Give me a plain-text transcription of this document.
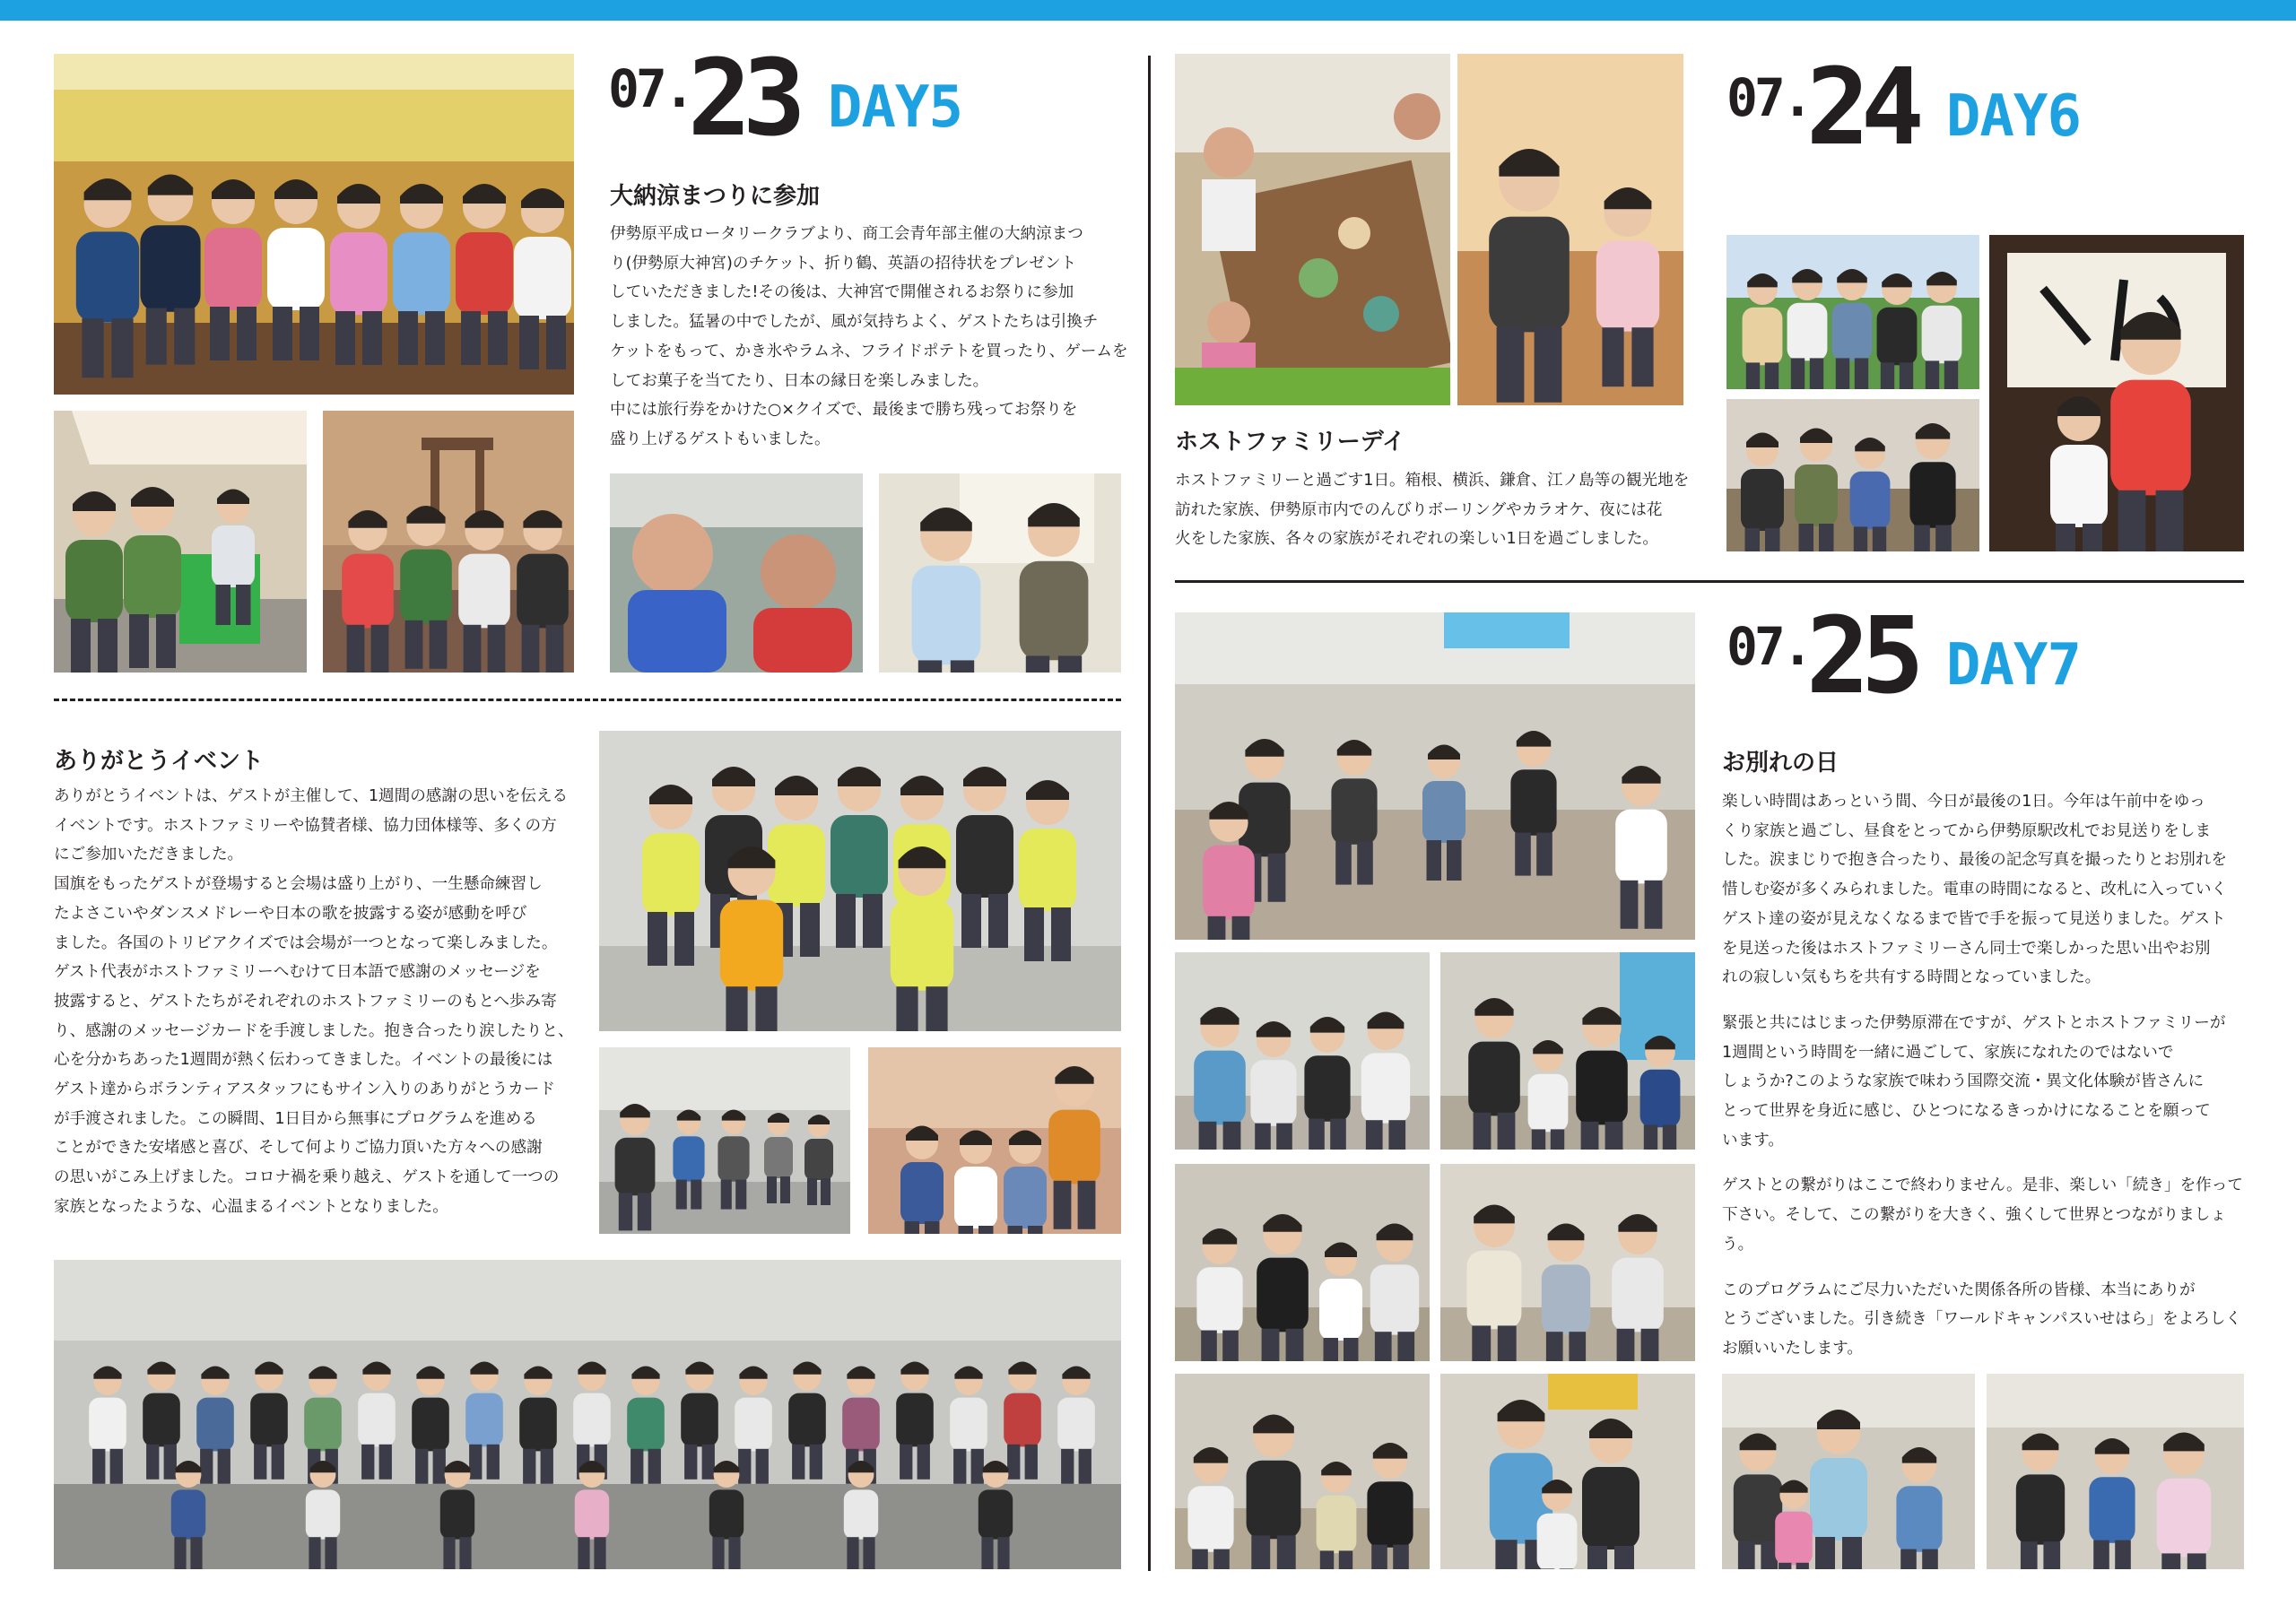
07.
23 DAY5
大納涼まつりに参加
伊勢原平成ロータリークラブより、商工会青年部主催の大納涼まつ
り(伊勢原大神宮)のチケット、折り鶴、英語の招待状をプレゼント
していただきました!その後は、大神宮で開催されるお祭りに参加
しました。猛暑の中でしたが、風が気持ちよく、ゲストたちは引換チ
ケットをもって、かき氷やラムネ、フライドポテトを買ったり、ゲームを
してお菓子を当てたり、日本の縁日を楽しみました。
中には旅行券をかけた○×クイズで、最後まで勝ち残ってお祭りを
盛り上げるゲストもいました。
ありがとうイベント
ありがとうイベントは、ゲストが主催して、1週間の感謝の思いを伝える
イベントです。ホストファミリーや協賛者様、協力団体様等、多くの方
にご参加いただきました。
国旗をもったゲストが登場すると会場は盛り上がり、一生懸命練習し
たよさこいやダンスメドレーや日本の歌を披露する姿が感動を呼び
ました。各国のトリビアクイズでは会場が一つとなって楽しみました。
ゲスト代表がホストファミリーへむけて日本語で感謝のメッセージを
披露すると、ゲストたちがそれぞれのホストファミリーのもとへ歩み寄
り、感謝のメッセージカードを手渡しました。抱き合ったり涙したりと、
心を分かちあった1週間が熱く伝わってきました。イベントの最後には
ゲスト達からボランティアスタッフにもサイン入りのありがとうカード
が手渡されました。この瞬間、1日目から無事にプログラムを進める
ことができた安堵感と喜び、そして何よりご協力頂いた方々への感謝
の思いがこみ上げました。コロナ禍を乗り越え、ゲストを通して一つの
家族となったような、心温まるイベントとなりました。
07.
24 DAY6
ホストファミリーデイ
ホストファミリーと過ごす1日。箱根、横浜、鎌倉、江ノ島等の観光地を
訪れた家族、伊勢原市内でのんびりボーリングやカラオケ、夜には花
火をした家族、各々の家族がそれぞれの楽しい1日を過ごしました。
07.
25 DAY7
お別れの日

楽しい時間はあっという間、今日が最後の1日。今年は午前中をゆっ
くり家族と過ごし、昼食をとってから伊勢原駅改札でお見送りをしま
した。涙まじりで抱き合ったり、最後の記念写真を撮ったりとお別れを
惜しむ姿が多くみられました。電車の時間になると、改札に入っていく
ゲスト達の姿が見えなくなるまで皆で手を振って見送りました。ゲスト
を見送った後はホストファミリーさん同士で楽しかった思い出やお別
れの寂しい気もちを共有する時間となっていました。

緊張と共にはじまった伊勢原滞在ですが、ゲストとホストファミリーが
1週間という時間を一緒に過ごして、家族になれたのではないで
しょうか?このような家族で味わう国際交流・異文化体験が皆さんに
とって世界を身近に感じ、ひとつになるきっかけになることを願って
います。

ゲストとの繋がりはここで終わりません。是非、楽しい「続き」を作って
下さい。そして、この繋がりを大きく、強くして世界とつながりましょう。

このプログラムにご尽力いただいた関係各所の皆様、本当にありが
とうございました。引き続き「ワールドキャンパスいせはら」をよろしく
お願いいたします。
